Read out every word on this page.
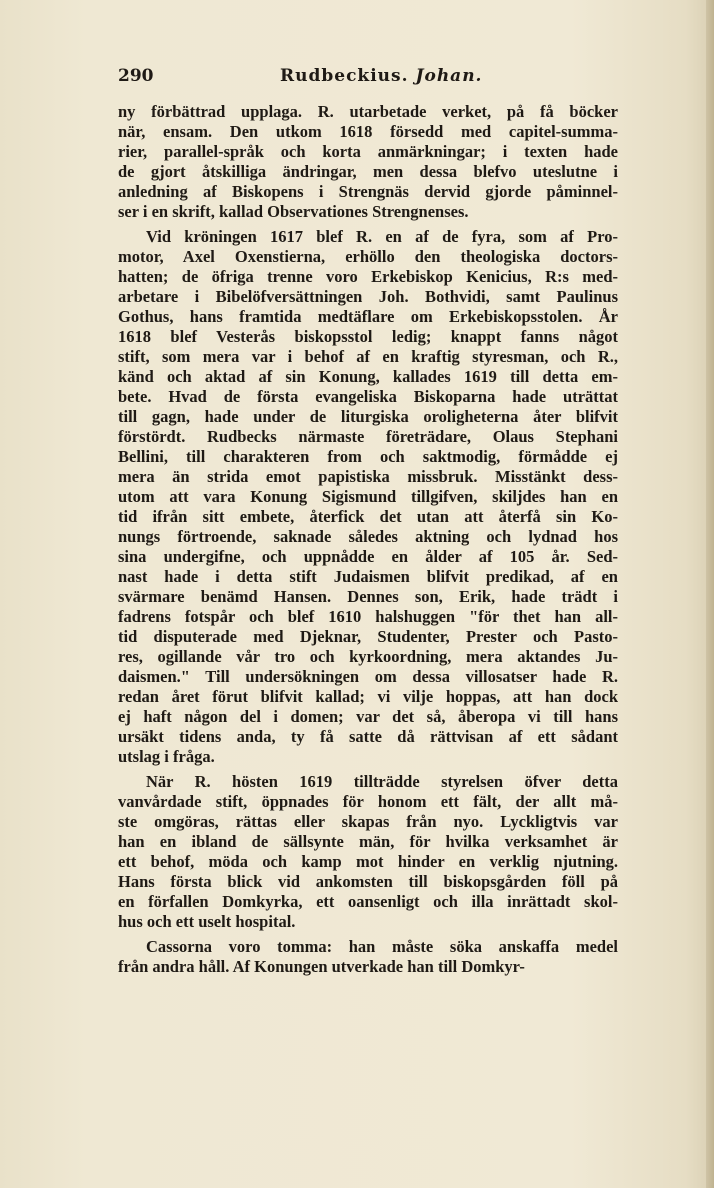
290	Rudbeckius. Johan.
ny förbättrad upplaga. R. utarbetade verket, på få böcker
när, ensam. Den utkom 1618 försedd med capitel-summa-
rier, parallel-språk och korta anmärkningar; i texten hade
de gjort åtskilliga ändringar, men dessa blefvo uteslutne i
anledning af Biskopens i Strengnäs dervid gjorde påminnel-
ser i en skrift, kallad Observationes Strengnenses.
Vid kröningen 1617 blef R. en af de fyra, som af Pro-
motor, Axel Oxenstierna, erhöllo den theologiska doctors-
hatten; de öfriga trenne voro Erkebiskop Kenicius, R:s med-
arbetare i Bibelöfversättningen Joh. Bothvidi, samt Paulinus
Gothus, hans framtida medtäflare om Erkebiskopsstolen. År
1618 blef Vesterås biskopsstol ledig; knappt fanns något
stift, som mera var i behof af en kraftig styresman, och R.,
känd och aktad af sin Konung, kallades 1619 till detta em-
bete. Hvad de första evangeliska Biskoparna hade uträttat
till gagn, hade under de liturgiska oroligheterna åter blifvit
förstördt. Rudbecks närmaste företrädare, Olaus Stephani
Bellini, till charakteren from och saktmodig, förmådde ej
mera än strida emot papistiska missbruk. Misstänkt dess-
utom att vara Konung Sigismund tillgifven, skiljdes han en
tid ifrån sitt embete, återfick det utan att återfå sin Ko-
nungs förtroende, saknade således aktning och lydnad hos
sina undergifne, och uppnådde en ålder af 105 år. Sed-
nast hade i detta stift Judaismen blifvit predikad, af en
svärmare benämd Hansen. Dennes son, Erik, hade trädt i
fadrens fotspår och blef 1610 halshuggen "för thet han all-
tid disputerade med Djeknar, Studenter, Prester och Pasto-
res, ogillande vår tro och kyrkoordning, mera aktandes Ju-
daismen." Till undersökningen om dessa villosatser hade R.
redan året förut blifvit kallad; vi vilje hoppas, att han dock
ej haft någon del i domen; var det så, åberopa vi till hans
ursäkt tidens anda, ty få satte då rättvisan af ett sådant
utslag i fråga.
När R. hösten 1619 tillträdde styrelsen öfver detta
vanvårdade stift, öppnades för honom ett fält, der allt må-
ste omgöras, rättas eller skapas från nyo. Lyckligtvis var
han en ibland de sällsynte män, för hvilka verksamhet är
ett behof, möda och kamp mot hinder en verklig njutning.
Hans första blick vid ankomsten till biskopsgården föll på
en förfallen Domkyrka, ett oansenligt och illa inrättadt skol-
hus och ett uselt hospital.
Cassorna voro tomma: han måste söka anskaffa medel
från andra håll. Af Konungen utverkade han till Domkyr-
